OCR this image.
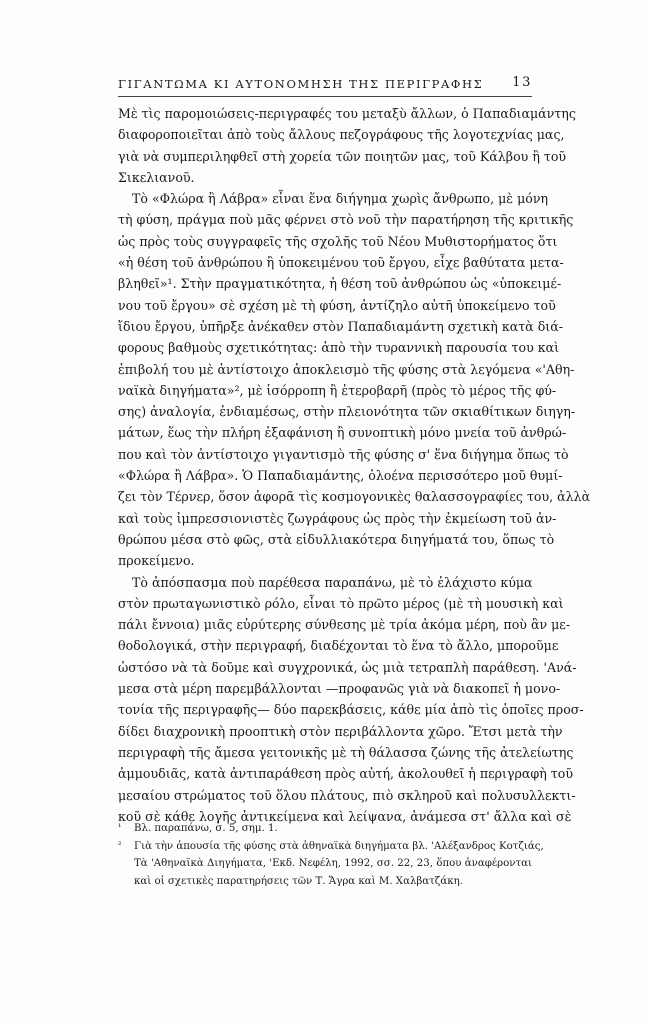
ΓΙΓΑΝΤΩΜΑ ΚΙ ΑΥΤΟΝΟΜΗΣΗ ΤΗΣ ΠΕΡΙΓΡΑΦΗΣ 13
Μὲ τὶς παρομοιώσεις-περιγραφές του μεταξὺ ἄλλων, ὁ Παπαδιαμάντης
διαφοροποιεῖται ἀπὸ τοὺς ἄλλους πεζογράφους τῆς λογοτεχνίας μας,
γιὰ νὰ συμπεριληφθεῖ στὴ χορεία τῶν ποιητῶν μας, τοῦ Κάλβου ἢ τοῦ
Σικελιανοῦ.
Τὸ «Φλώρα ἢ Λάβρα» εἶναι ἕνα διήγημα χωρὶς ἄνθρωπο, μὲ μόνη
τὴ φύση, πράγμα ποὺ μᾶς φέρνει στὸ νοῦ τὴν παρατήρηση τῆς κριτικῆς
ὡς πρὸς τοὺς συγγραφεῖς τῆς σχολῆς τοῦ Νέου Μυθιστορήματος ὅτι
«ἡ θέση τοῦ ἀνθρώπου ἢ ὑποκειμένου τοῦ ἔργου, εἶχε βαθύτατα μετα-
βληθεῖ»¹. Στὴν πραγματικότητα, ἡ θέση τοῦ ἀνθρώπου ὡς «ὑποκειμέ-
νου τοῦ ἔργου» σὲ σχέση μὲ τὴ φύση, ἀντίζηλο αὐτῆ ὑποκείμενο τοῦ
ἴδιου ἔργου, ὑπῆρξε ἀνέκαθεν στὸν Παπαδιαμάντη σχετικὴ κατὰ διά-
φορους βαθμοὺς σχετικότητας: ἀπὸ τὴν τυραννικὴ παρουσία του καὶ
ἐπιβολή του μὲ ἀντίστοιχο ἀποκλεισμὸ τῆς φύσης στὰ λεγόμενα «'Αθη-
ναϊκὰ διηγήματα»², μὲ ἰσόρροπη ἢ ἑτεροβαρῆ (πρὸς τὸ μέρος τῆς φύ-
σης) ἀναλογία, ἐνδιαμέσως, στὴν πλειονότητα τῶν σκιαθίτικων διηγη-
μάτων, ἕως τὴν πλήρη ἐξαφάνιση ἢ συνοπτικὴ μόνο μνεία τοῦ ἀνθρώ-
που καὶ τὸν ἀντίστοιχο γιγαντισμὸ τῆς φύσης σ' ἕνα διήγημα ὅπως τὸ
«Φλώρα ἢ Λάβρα». Ὁ Παπαδιαμάντης, ὁλοένα περισσότερο μοῦ θυμί-
ζει τὸν Τέρνερ, ὅσον ἀφορᾶ τὶς κοσμογονικὲς θαλασσογραφίες του, ἀλλὰ
καὶ τοὺς ἰμπρεσσιονιστὲς ζωγράφους ὡς πρὸς τὴν ἐκμείωση τοῦ ἀν-
θρώπου μέσα στὸ φῶς, στὰ εἰδυλλιακότερα διηγήματά του, ὅπως τὸ
προκείμενο.
Τὸ ἀπόσπασμα ποὺ παρέθεσα παραπάνω, μὲ τὸ ἐλάχιστο κύμα
στὸν πρωταγωνιστικὸ ρόλο, εἶναι τὸ πρῶτο μέρος (μὲ τὴ μουσικὴ καὶ
πάλι ἔννοια) μιᾶς εὐρύτερης σύνθεσης μὲ τρία ἀκόμα μέρη, ποὺ ἂν με-
θοδολογικά, στὴν περιγραφή, διαδέχονται τὸ ἕνα τὸ ἄλλο, μποροῦμε
ὡστόσο νὰ τὰ δοῦμε καὶ συγχρονικά, ὡς μιὰ τετραπλὴ παράθεση. 'Ανά-
μεσα στὰ μέρη παρεμβάλλονται —προφανῶς γιὰ νὰ διακοπεῖ ἡ μονο-
τονία τῆς περιγραφῆς— δύο παρεκβάσεις, κάθε μία ἀπὸ τὶς ὁποῖες προσ-
δίδει διαχρονικὴ προοπτικὴ στὸν περιβάλλοντα χῶρο. Ἔτσι μετὰ τὴν
περιγραφὴ τῆς ἄμεσα γειτονικῆς μὲ τὴ θάλασσα ζώνης τῆς ἀτελείωτης
ἀμμουδιᾶς, κατὰ ἀντιπαράθεση πρὸς αὐτή, ἀκολουθεῖ ἡ περιγραφὴ τοῦ
μεσαίου στρώματος τοῦ ὅλου πλάτους, πιὸ σκληροῦ καὶ πολυσυλλεκτι-
κοῦ σὲ κάθε λογῆς ἀντικείμενα καὶ λείψανα, ἀνάμεσα στ' ἄλλα καὶ σὲ
¹ Βλ. παραπάνω, σ. 5, σημ. 1.
² Γιὰ τὴν ἀπουσία τῆς φύσης στὰ ἀθηναϊκὰ διηγήματα βλ. 'Αλέξανδρος Κοτζιάς,
Τὰ 'Αθηναϊκὰ Διηγήματα, 'Εκδ. Νεφέλη, 1992, σσ. 22, 23, ὅπου ἀναφέρονται
καὶ οἱ σχετικὲς παρατηρήσεις τῶν Τ. Ἄγρα καὶ Μ. Χαλβατζάκη.
